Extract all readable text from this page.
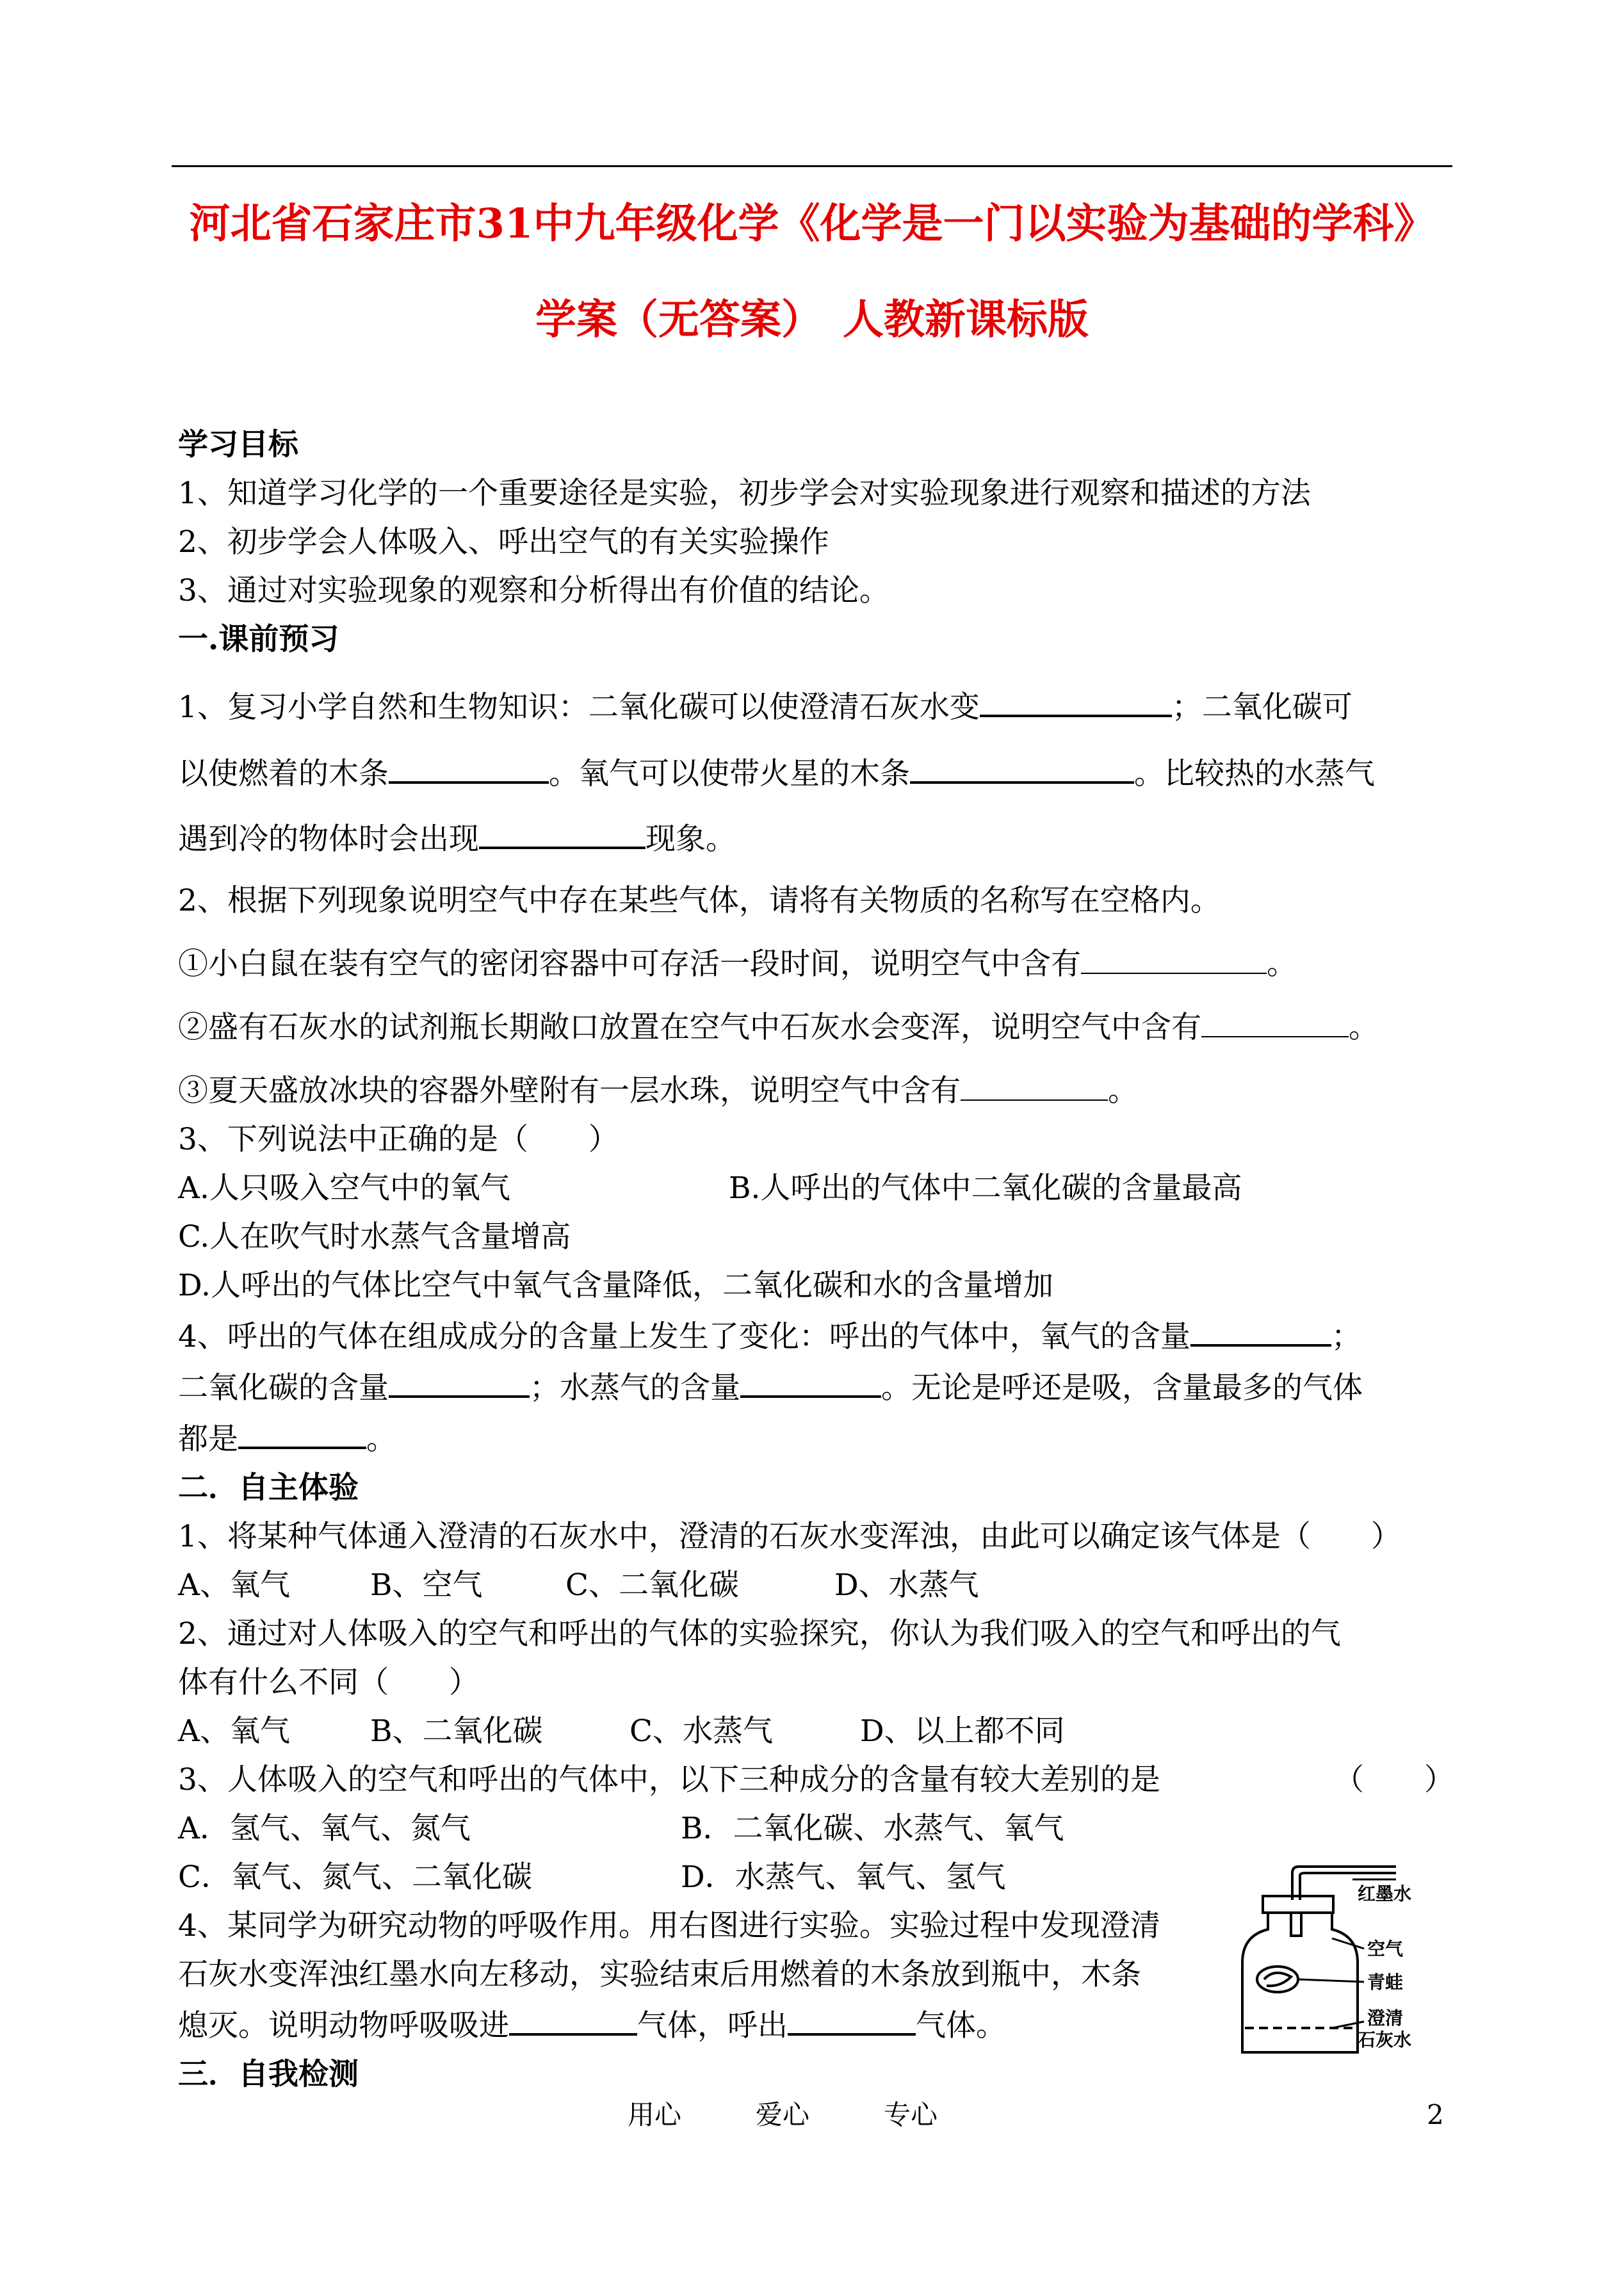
河北省石家庄市31中九年级化学《化学是一门以实验为基础的学科》
学案（无答案）　人教新课标版
学习目标
1、知道学习化学的一个重要途径是实验，初步学会对实验现象进行观察和描述的方法
2、初步学会人体吸入、呼出空气的有关实验操作
3、通过对实验现象的观察和分析得出有价值的结论。
一.课前预习
1、复习小学自然和生物知识：二氧化碳可以使澄清石灰水变	；二氧化碳可
以使燃着的木条	。氧气可以使带火星的木条	。比较热的水蒸气
遇到冷的物体时会出现	现象。
2、根据下列现象说明空气中存在某些气体，请将有关物质的名称写在空格内。
①小白鼠在装有空气的密闭容器中可存活一段时间，说明空气中含有	。
②盛有石灰水的试剂瓶长期敞口放置在空气中石灰水会变浑，说明空气中含有	。
③夏天盛放冰块的容器外壁附有一层水珠，说明空气中含有	。
3、下列说法中正确的是（　　）
A.人只吸入空气中的氧气	B.人呼出的气体中二氧化碳的含量最高
C.人在吹气时水蒸气含量增高
D.人呼出的气体比空气中氧气含量降低，二氧化碳和水的含量增加
4、呼出的气体在组成成分的含量上发生了变化：呼出的气体中，氧气的含量	；
二氧化碳的含量	；水蒸气的含量	。无论是呼还是吸，含量最多的气体
都是	。
二．自主体验
1、将某种气体通入澄清的石灰水中，澄清的石灰水变浑浊，由此可以确定该气体是（　　）
A、氧气	B、空气	C、二氧化碳	D、水蒸气
2、通过对人体吸入的空气和呼出的气体的实验探究，你认为我们吸入的空气和呼出的气
体有什么不同（　　）
A、氧气	B、二氧化碳	C、水蒸气	D、以上都不同
3、人体吸入的空气和呼出的气体中，以下三种成分的含量有较大差别的是	（　　）
A．氢气、氧气、氮气	B．二氧化碳、水蒸气、氧气
C．氧气、氮气、二氧化碳	D．水蒸气、氧气、氢气
4、某同学为研究动物的呼吸作用。用右图进行实验。实验过程中发现澄清
石灰水变浑浊红墨水向左移动，实验结束后用燃着的木条放到瓶中，木条
熄灭。说明动物呼吸吸进	气体，呼出	气体。
三．自我检测
红墨水
空气
青蛙
澄清
石灰水
用心	爱心	专心	2
